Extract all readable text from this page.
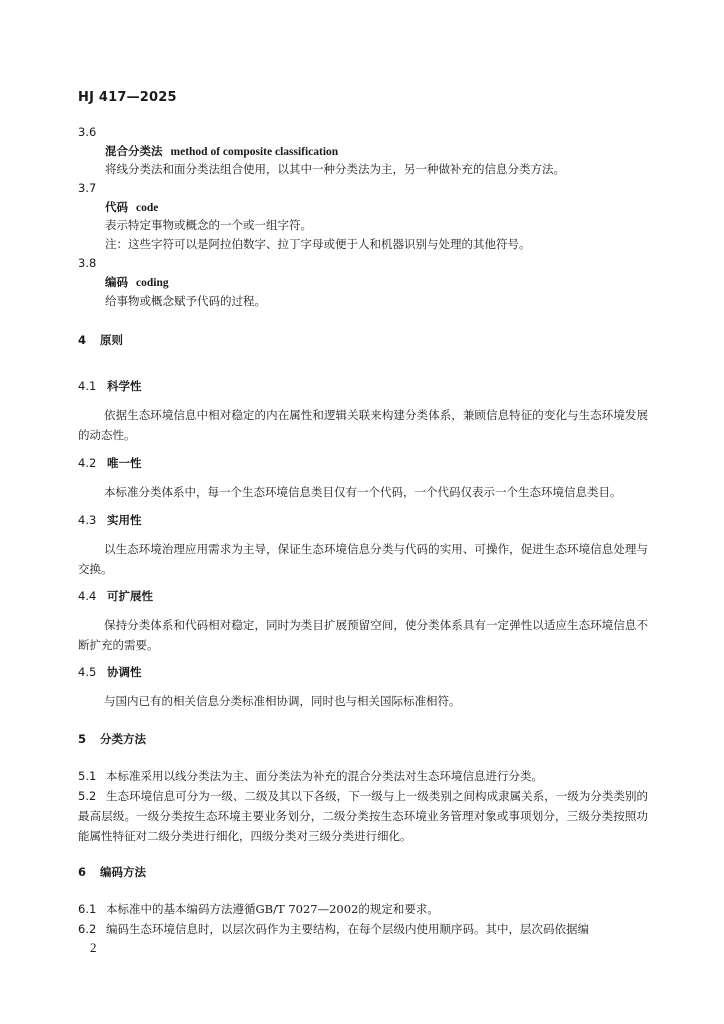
HJ 417—2025
3.6
混合分类法 method of composite classification
将线分类法和面分类法组合使用，以其中一种分类法为主，另一种做补充的信息分类方法。
3.7
代码 code
表示特定事物或概念的一个或一组字符。
注：这些字符可以是阿拉伯数字、拉丁字母或便于人和机器识别与处理的其他符号。
3.8
编码 coding
给事物或概念赋予代码的过程。
4 原则
4.1 科学性
依据生态环境信息中相对稳定的内在属性和逻辑关联来构建分类体系，兼顾信息特征的变化与生态环境发展的动态性。
4.2 唯一性
本标准分类体系中，每一个生态环境信息类目仅有一个代码，一个代码仅表示一个生态环境信息类目。
4.3 实用性
以生态环境治理应用需求为主导，保证生态环境信息分类与代码的实用、可操作，促进生态环境信息处理与交换。
4.4 可扩展性
保持分类体系和代码相对稳定，同时为类目扩展预留空间，使分类体系具有一定弹性以适应生态环境信息不断扩充的需要。
4.5 协调性
与国内已有的相关信息分类标准相协调，同时也与相关国际标准相符。
5 分类方法
5.1 本标准采用以线分类法为主、面分类法为补充的混合分类法对生态环境信息进行分类。
5.2 生态环境信息可分为一级、二级及其以下各级，下一级与上一级类别之间构成隶属关系，一级为分类类别的最高层级。一级分类按生态环境主要业务划分，二级分类按生态环境业务管理对象或事项划分，三级分类按照功能属性特征对二级分类进行细化，四级分类对三级分类进行细化。
6 编码方法
6.1 本标准中的基本编码方法遵循GB/T 7027—2002的规定和要求。
6.2 编码生态环境信息时，以层次码作为主要结构，在每个层级内使用顺序码。其中，层次码依据编
2
